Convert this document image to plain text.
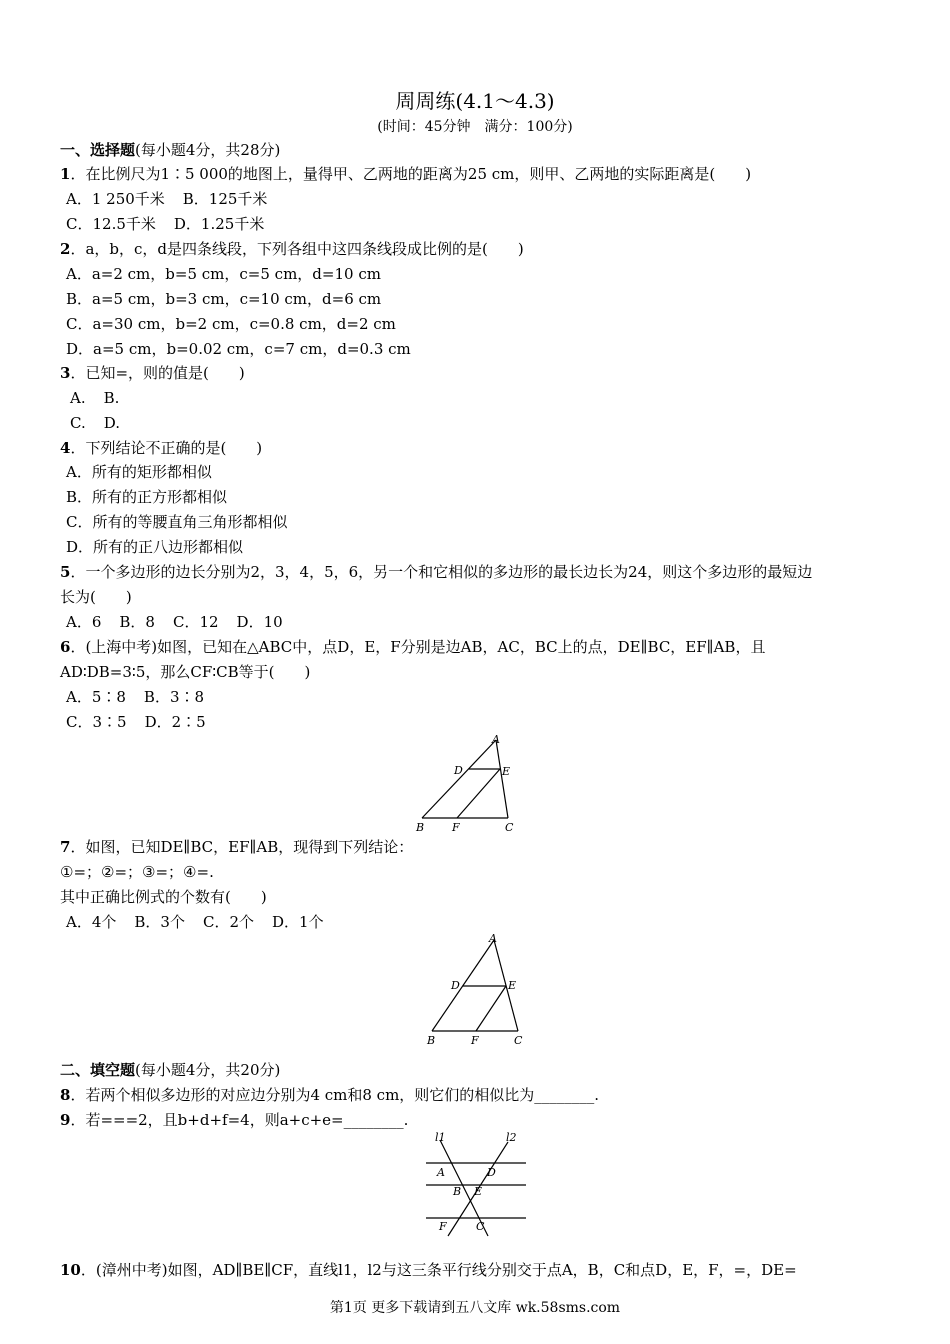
周周练(4.1～4.3)
(时间：45分钟　满分：100分)
一、选择题(每小题4分，共28分)
1．在比例尺为1∶5 000的地图上，量得甲、乙两地的距离为25 cm，则甲、乙两地的实际距离是(　　)
A．1 250千米 B．125千米
C．12.5千米 D．1.25千米
2．a，b，c，d是四条线段，下列各组中这四条线段成比例的是(　　)
A．a=2 cm，b=5 cm，c=5 cm，d=10 cm
B．a=5 cm，b=3 cm，c=10 cm，d=6 cm
C．a=30 cm，b=2 cm，c=0.8 cm，d=2 cm
D．a=5 cm，b=0.02 cm，c=7 cm，d=0.3 cm
3．已知=，则的值是(　　)
A. B.
C. D.
4．下列结论不正确的是(　　)
A．所有的矩形都相似
B．所有的正方形都相似
C．所有的等腰直角三角形都相似
D．所有的正八边形都相似
5．一个多边形的边长分别为2，3，4，5，6，另一个和它相似的多边形的最长边长为24，则这个多边形的最短边
长为(　　)
A．6 B．8 C．12 D．10
6．(上海中考)如图，已知在△ABC中，点D，E，F分别是边AB，AC，BC上的点，DE∥BC，EF∥AB，且
AD∶DB=3∶5，那么CF∶CB等于(　　)
A．5∶8 B．3∶8
C．3∶5 D．2∶5
A
D	E
B	F	C
7．如图，已知DE∥BC，EF∥AB，现得到下列结论：
①=；②=；③=；④=.
其中正确比例式的个数有(　　)
A．4个 B．3个 C．2个 D．1个
A
D	E
B	F	C
二、填空题(每小题4分，共20分)
8．若两个相似多边形的对应边分别为4 cm和8 cm，则它们的相似比为________.
9．若===2，且b+d+f=4，则a+c+e=________.
l1	l2
A	D
B E
F	C
10．(漳州中考)如图，AD∥BE∥CF，直线l1，l2与这三条平行线分别交于点A，B，C和点D，E，F，=，DE=
第1页 更多下载请到五八文库 wk.58sms.com
